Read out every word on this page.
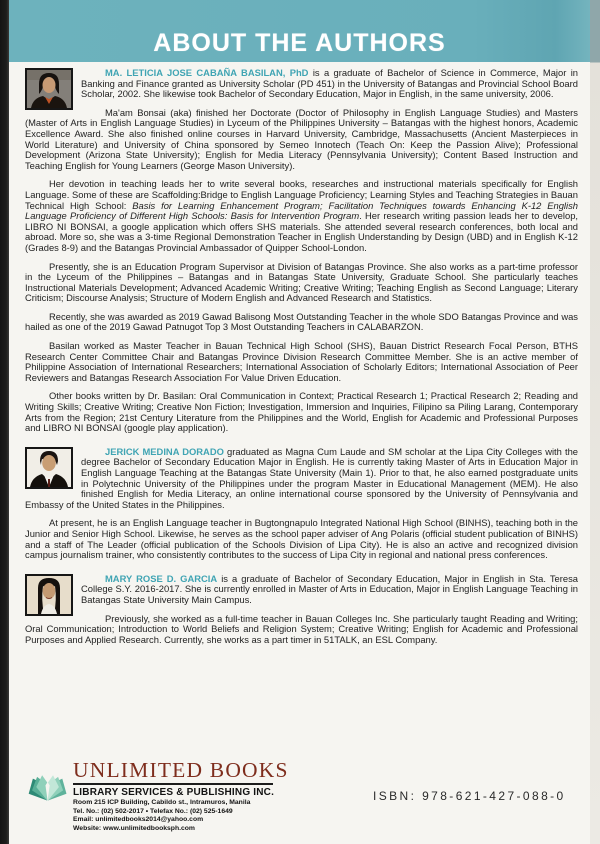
ABOUT THE AUTHORS

MA. LETICIA JOSE CABAÑA BASILAN, PhD is a graduate of Bachelor of Science in Commerce, Major in Banking and Finance granted as University Scholar (PD 451) in the University of Batangas and Provincial School Board Scholar, 2002. She likewise took Bachelor of Secondary Education, Major in English, in the same university, 2006.

Ma'am Bonsai (aka) finished her Doctorate (Doctor of Philosophy in English Language Studies) and Masters (Master of Arts in English Language Studies) in Lyceum of the Philippines University – Batangas with the highest honors, Academic Excellence Award. She also finished online courses in Harvard University, Cambridge, Massachusetts (Ancient Masterpieces in World Literature) and University of China sponsored by Semeo Innotech (Teach On: Keep the Passion Alive); Professional Development (Arizona State University); English for Media Literacy (Pennsylvania University); Content Based Instruction and Teaching English for Young Learners (George Mason University).

Her devotion in teaching leads her to write several books, researches and instructional materials specifically for English Language. Some of these are Scaffolding:Bridge to English Language Proficiency; Learning Styles and Teaching Strategies in Bauan Technical High School: Basis for Learning Enhancement Program; Facilitation Techniques towards Enhancing K-12 English Language Proficiency of Different High Schools: Basis for Intervention Program. Her research writing passion leads her to develop, LIBRO NI BONSAI, a google application which offers SHS materials. She attended several research conferences, both local and abroad. More so, she was a 3-time Regional Demonstration Teacher in English Understanding by Design (UBD) and in English K-12 (Grades 8-9) and the Batangas Provincial Ambassador of Quipper School-London.

Presently, she is an Education Program Supervisor at Division of Batangas Province. She also works as a part-time professor in the Lyceum of the Philippines – Batangas and in Batangas State University, Graduate School. She particularly teaches Instructional Materials Development; Advanced Academic Writing; Creative Writing; Teaching English as Second Language; Literary Criticism; Discourse Analysis; Structure of Modern English and Advanced Research and Statistics.

Recently, she was awarded as 2019 Gawad Balisong Most Outstanding Teacher in the whole SDO Batangas Province and was hailed as one of the 2019 Gawad Patnugot Top 3 Most Outstanding Teachers in CALABARZON.

Basilan worked as Master Teacher in Bauan Technical High School (SHS), Bauan District Research Focal Person, BTHS Research Center Committee Chair and Batangas Province Division Research Committee Member. She is an active member of Philippine Association of International Researchers; International Association of Scholarly Editors; International Association of Peer Reviewers and Batangas Research Association For Value Driven Education.

Other books written by Dr. Basilan: Oral Communication in Context; Practical Research 1; Practical Research 2; Reading and Writing Skills; Creative Writing; Creative Non Fiction; Investigation, Immersion and Inquiries, Filipino sa Piling Larang, Contemporary Arts from the Region; 21st Century Literature from the Philippines and the World, English for Academic and Professional Purposes and LIBRO NI BONSAI (google play application).

JERICK MEDINA DORADO graduated as Magna Cum Laude and SM scholar at the Lipa City Colleges with the degree Bachelor of Secondary Education Major in English. He is currently taking Master of Arts in Education Major in English Language Teaching at the Batangas State University (Main 1). Prior to that, he also earned postgraduate units in Polytechnic University of the Philippines under the program Master in Educational Management (MEM). He also finished English for Media Literacy, an online international course sponsored by the University of Pennsylvania and Embassy of the United States in the Philippines.

At present, he is an English Language teacher in Bugtongnapulo Integrated National High School (BINHS), teaching both in the Junior and Senior High School. Likewise, he serves as the school paper adviser of Ang Polaris (official student publication of BINHS) and a staff of The Leader (official publication of the Schools Division of Lipa City). He is also an active and recognized division campus journalism trainer, who consistently contributes to the success of Lipa City in regional and national press conferences.

MARY ROSE D. GARCIA is a graduate of Bachelor of Secondary Education, Major in English in Sta. Teresa College S.Y. 2016-2017. She is currently enrolled in Master of Arts in Education, Major in English Language Teaching in Batangas State University Main Campus.

Previously, she worked as a full-time teacher in Bauan Colleges Inc. She particularly taught Reading and Writing; Oral Communication; Introduction to World Beliefs and Religion System; Creative Writing; English for Academic and Professional Purposes and Applied Research. Currently, she works as a part timer in 51TALK, an ESL Company.

UNLIMITED BOOKS
LIBRARY SERVICES & PUBLISHING INC.
Room 215 ICP Building, Cabildo st., Intramuros, Manila
Tel. No.: (02) 502-2017 • Telefax No.: (02) 525-1649
Email: unlimitedbooks2014@yahoo.com
Website: www.unlimitedbooksph.com
ISBN: 978-621-427-088-0
